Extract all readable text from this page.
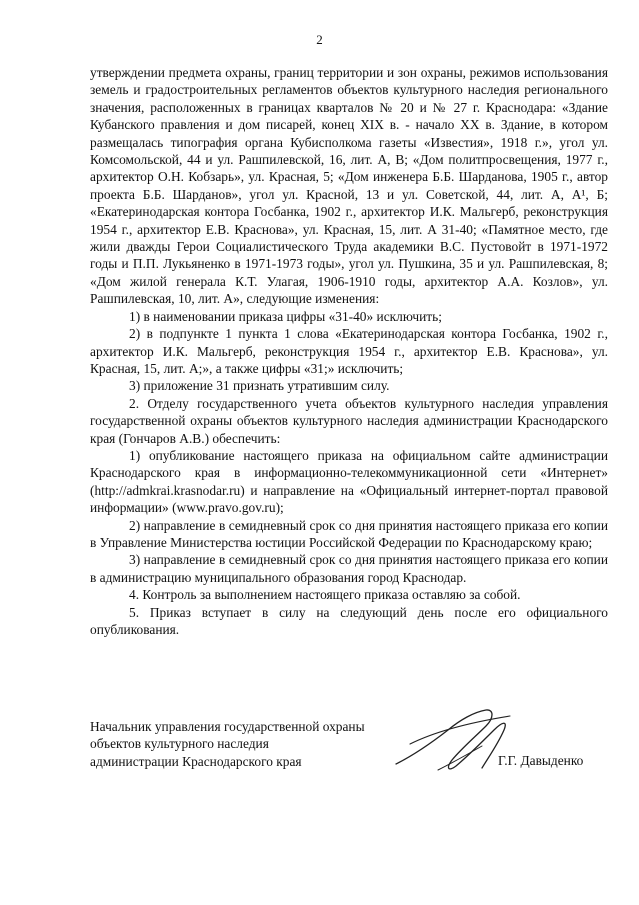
2

утверждении предмета охраны, границ территории и зон охраны, режимов использования земель и градостроительных регламентов объектов культурного наследия регионального значения, расположенных в границах кварталов № 20 и № 27 г. Краснодара: «Здание Кубанского правления и дом писарей, конец XIX в. - начало XX в. Здание, в котором размещалась типография органа Кубисполкома газеты «Известия», 1918 г.», угол ул. Комсомольской, 44 и ул. Рашпилевской, 16, лит. А, В; «Дом политпросвещения, 1977 г., архитектор О.Н. Кобзарь», ул. Красная, 5; «Дом инженера Б.Б. Шарданова, 1905 г., автор проекта Б.Б. Шарданов», угол ул. Красной, 13 и ул. Советской, 44, лит. А, А¹, Б; «Екатеринодарская контора Госбанка, 1902 г., архитектор И.К. Мальгерб, реконструкция 1954 г., архитектор Е.В. Краснова», ул. Красная, 15, лит. А 31-40; «Памятное место, где жили дважды Герои Социалистического Труда академики В.С. Пустовойт в 1971-1972 годы и П.П. Лукьяненко в 1971-1973 годы», угол ул. Пушкина, 35 и ул. Рашпилевская, 8; «Дом жилой генерала К.Т. Улагая, 1906-1910 годы, архитектор А.А. Козлов», ул. Рашпилевская, 10, лит. А», следующие изменения:

1) в наименовании приказа цифры «31-40» исключить;

2) в подпункте 1 пункта 1 слова «Екатеринодарская контора Госбанка, 1902 г., архитектор И.К. Мальгерб, реконструкция 1954 г., архитектор Е.В. Краснова», ул. Красная, 15, лит. А;», а также цифры «31;» исключить;

3) приложение 31 признать утратившим силу.

2. Отделу государственного учета объектов культурного наследия управления государственной охраны объектов культурного наследия администрации Краснодарского края (Гончаров А.В.) обеспечить:

1) опубликование настоящего приказа на официальном сайте администрации Краснодарского края в информационно-телекоммуникационной сети «Интернет» (http://admkrai.krasnodar.ru) и направление на «Официальный интернет-портал правовой информации» (www.pravo.gov.ru);

2) направление в семидневный срок со дня принятия настоящего приказа его копии в Управление Министерства юстиции Российской Федерации по Краснодарскому краю;

3) направление в семидневный срок со дня принятия настоящего приказа его копии в администрацию муниципального образования город Краснодар.

4. Контроль за выполнением настоящего приказа оставляю за собой.

5. Приказ вступает в силу на следующий день после его официального опубликования.

Начальник управления государственной охраны
объектов культурного наследия
администрации Краснодарского края	Г.Г. Давыденко
